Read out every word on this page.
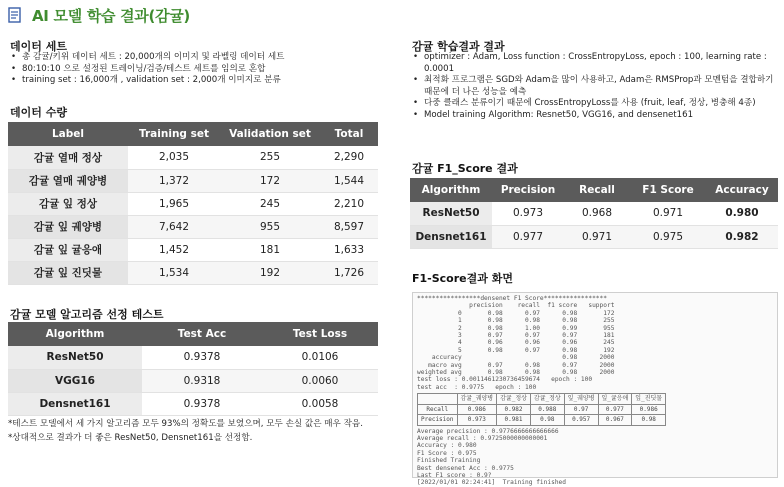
AI 모델 학습 결과(감귤)
데이터 세트
• 총 감귤/키위 데이터 세트 : 20,000개의 이미지 및 라벨링 데이터 세트
• 80:10:10 으로 설정된 트레이닝/검증/테스트 세트를 임의로 혼합
• training set : 16,000개 , validation set : 2,000개 이미지로 분류
데이터 수량
Label	Training set	Validation set	Total
감귤 열매 정상	2,035	255	2,290
감귤 열매 궤양병	1,372	172	1,544
감귤 잎 정상	1,965	245	2,210
감귤 잎 궤양병	7,642	955	8,597
감귤 잎 귤응애	1,452	181	1,633
감귤 잎 진딧물	1,534	192	1,726
감귤 모델 알고리즘 선정 테스트
Algorithm	Test Acc	Test Loss
ResNet50	0.9378	0.0106
VGG16	0.9318	0.0060
Densnet161	0.9378	0.0058
*테스트 모델에서 세 가지 알고리즘 모두 93%의 정확도를 보였으며, 모두 손실 값은 매우 작음.
*상대적으로 결과가 더 좋은 ResNet50, Densnet161을 선정함.
감귤 학습결과 결과
• optimizer : Adam, Loss function : CrossEntropyLoss, epoch : 100, learning rate : 0.0001
• 최적화 프로그램은 SGD와 Adam을 많이 사용하고, Adam은 RMSProp과 모멘텀을 결합하기 때문에 더 나은 성능을 예측
• 다중 클래스 분류이기 때문에 CrossEntropyLoss를 사용 (fruit, leaf, 정상, 병충해 4종)
• Model training Algorithm: Resnet50, VGG16, and densenet161
감귤 F1_Score 결과
Algorithm	Precision	Recall	F1 Score	Accuracy
ResNet50	0.973	0.968	0.971	0.980
Densnet161	0.977	0.971	0.975	0.982
F1-Score결과 화면
*****************densenet F1 Score*****************
precision    recall  f1 score   support
0       0.98      0.97      0.98       172
1       0.98      0.98      0.98       255
2       0.98      1.00      0.99       955
3       0.97      0.97      0.97       181
4       0.96      0.96      0.96       245
5       0.98      0.97      0.98       192
accuracy                           0.98      2000
macro avg       0.97      0.98      0.97      2000
weighted avg       0.98      0.98      0.98      2000
test loss : 0.0011461230736459674   epoch : 100
test acc  : 0.9775   epoch : 100
	감귤_궤양병	감귤_정상	감귤_정상	잎_궤양병	잎_귤응애	잎_진딧물
Recall	0.986	0.982	0.988	0.97	0.977	0.986
Precision	0.973	0.981	0.98	0.957	0.967	0.98
Average precision : 0.9776666666666666
Average recall : 0.9725000000000001
Accuracy : 0.980
F1 Score : 0.975
Finished Training
Best densenet Acc : 0.9775
Last F1 score : 0.9?
[2022/01/01 02:24:41]  Training finished
